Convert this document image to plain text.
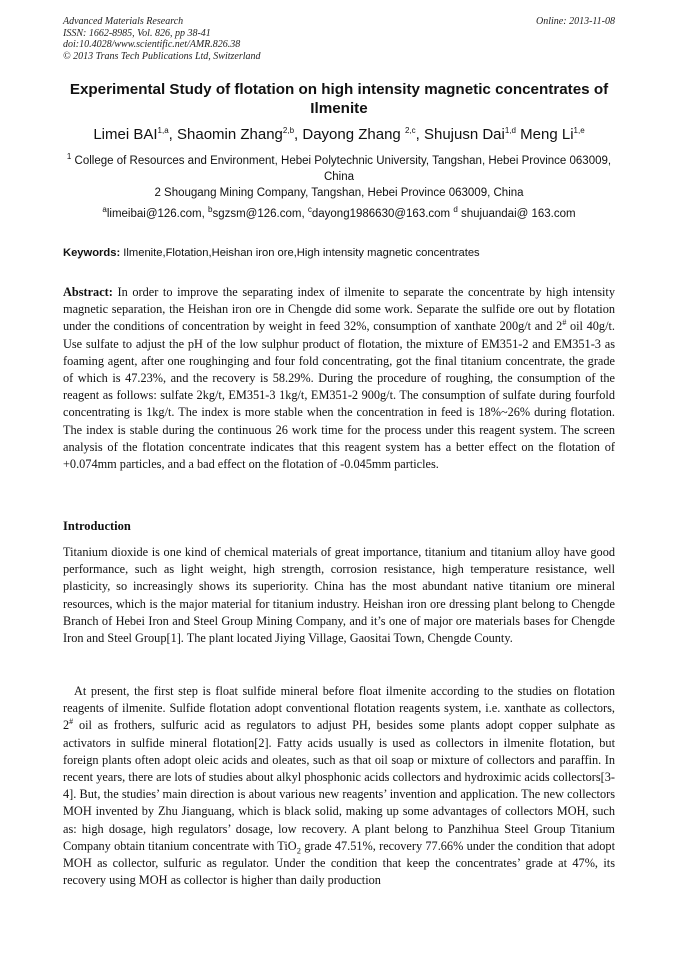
Advanced Materials Research
ISSN: 1662-8985, Vol. 826, pp 38-41
doi:10.4028/www.scientific.net/AMR.826.38
© 2013 Trans Tech Publications Ltd, Switzerland
Online: 2013-11-08
Experimental Study of flotation on high intensity magnetic concentrates of Ilmenite
Limei BAI$^{1,a}$, Shaomin Zhang$^{2,b}$, Dayong Zhang $^{2,c}$, Shujusn Dai$^{1,d}$ Meng Li$^{1,e}$
$^1$ College of Resources and Environment, Hebei Polytechnic University, Tangshan, Hebei Province 063009, China
2 Shougang Mining Company, Tangshan, Hebei Province 063009, China
$^a$limeibai@126.com, $^b$sgzsm@126.com, $^c$dayong1986630@163.com $^d$ shujuandai@ 163.com
Keywords: Ilmenite,Flotation,Heishan iron ore,High intensity magnetic concentrates
Abstract: In order to improve the separating index of ilmenite to separate the concentrate by high intensity magnetic separation, the Heishan iron ore in Chengde did some work. Separate the sulfide ore out by flotation under the conditions of concentration by weight in feed 32%, consumption of xanthate 200g/t and 2# oil 40g/t. Use sulfate to adjust the pH of the low sulphur product of flotation, the mixture of EM351-2 and EM351-3 as foaming agent, after one roughinging and four fold concentrating, got the final titanium concentrate, the grade of which is 47.23%, and the recovery is 58.29%. During the procedure of roughing, the consumption of the reagent as follows: sulfate 2kg/t, EM351-3 1kg/t, EM351-2 900g/t. The consumption of sulfate during fourfold concentrating is 1kg/t. The index is more stable when the concentration in feed is 18%~26% during flotation. The index is stable during the continuous 26 work time for the process under this reagent system. The screen analysis of the flotation concentrate indicates that this reagent system has a better effect on the flotation of +0.074mm particles, and a bad effect on the flotation of -0.045mm particles.
Introduction
Titanium dioxide is one kind of chemical materials of great importance, titanium and titanium alloy have good performance, such as light weight, high strength, corrosion resistance, high temperature resistance, well plasticity, so increasingly shows its superiority. China has the most abundant native titanium ore mineral resources, which is the major material for titanium industry. Heishan iron ore dressing plant belong to Chengde Branch of Hebei Iron and Steel Group Mining Company, and it’s one of major ore materials bases for Chengde Iron and Steel Group[1]. The plant located Jiying Village, Gaositai Town, Chengde County.
At present, the first step is float sulfide mineral before float ilmenite according to the studies on flotation reagents of ilmenite. Sulfide flotation adopt conventional flotation reagents system, i.e. xanthate as collectors, 2# oil as frothers, sulfuric acid as regulators to adjust PH, besides some plants adopt copper sulphate as activators in sulfide mineral flotation[2]. Fatty acids usually is used as collectors in ilmenite flotation, but foreign plants often adopt oleic acids and oleates, such as that oil soap or mixture of collectors and paraffin. In recent years, there are lots of studies about alkyl phosphonic acids collectors and hydroximic acids collectors[3-4]. But, the studies’ main direction is about various new reagents’ invention and application. The new collectors MOH invented by Zhu Jianguang, which is black solid, making up some advantages of collectors MOH, such as: high dosage, high regulators’ dosage, low recovery. A plant belong to Panzhihua Steel Group Titanium Company obtain titanium concentrate with TiO$_2$ grade 47.51%, recovery 77.66% under the condition that adopt MOH as collector, sulfuric as regulator. Under the condition that keep the concentrates’ grade at 47%, its recovery using MOH as collector is higher than daily production
